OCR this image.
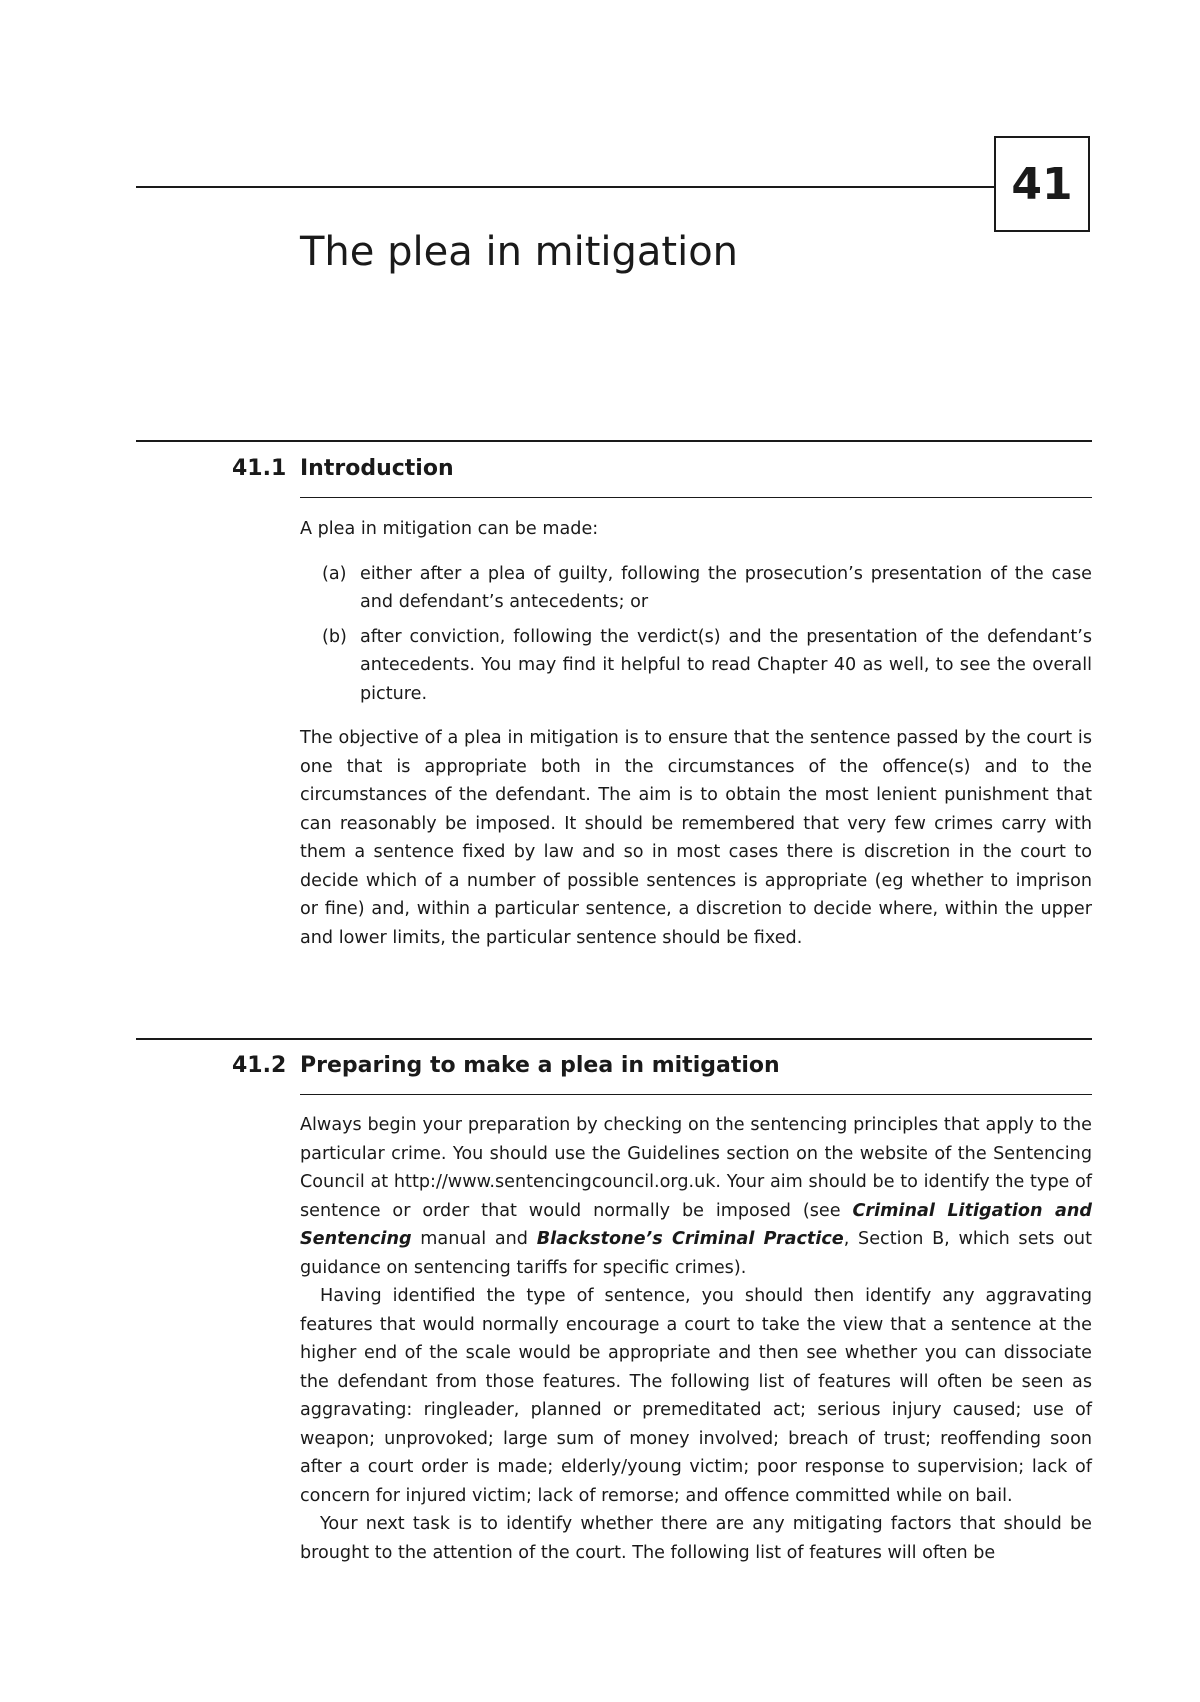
41
The plea in mitigation
41.1 Introduction

A plea in mitigation can be made:

(a) either after a plea of guilty, following the prosecution’s presentation of the case and defendant’s antecedents; or

(b) after conviction, following the verdict(s) and the presentation of the defendant’s antecedents. You may find it helpful to read Chapter 40 as well, to see the overall picture.

The objective of a plea in mitigation is to ensure that the sentence passed by the court is one that is appropriate both in the circumstances of the offence(s) and to the circumstances of the defendant. The aim is to obtain the most lenient punishment that can reasonably be imposed. It should be remembered that very few crimes carry with them a sentence fixed by law and so in most cases there is discretion in the court to decide which of a number of possible sentences is appropriate (eg whether to imprison or fine) and, within a particular sentence, a discretion to decide where, within the upper and lower limits, the particular sentence should be fixed.

41.2 Preparing to make a plea in mitigation

Always begin your preparation by checking on the sentencing principles that apply to the particular crime. You should use the Guidelines section on the website of the Sentencing Council at http://www.sentencingcouncil.org.uk. Your aim should be to identify the type of sentence or order that would normally be imposed (see Criminal Litigation and Sentencing manual and Blackstone’s Criminal Practice, Section B, which sets out guidance on sentencing tariffs for specific crimes).

Having identified the type of sentence, you should then identify any aggravating features that would normally encourage a court to take the view that a sentence at the higher end of the scale would be appropriate and then see whether you can dissociate the defendant from those features. The following list of features will often be seen as aggravating: ringleader, planned or premeditated act; serious injury caused; use of weapon; unprovoked; large sum of money involved; breach of trust; reoffending soon after a court order is made; elderly/young victim; poor response to supervision; lack of concern for injured victim; lack of remorse; and offence committed while on bail.

Your next task is to identify whether there are any mitigating factors that should be brought to the attention of the court. The following list of features will often be
